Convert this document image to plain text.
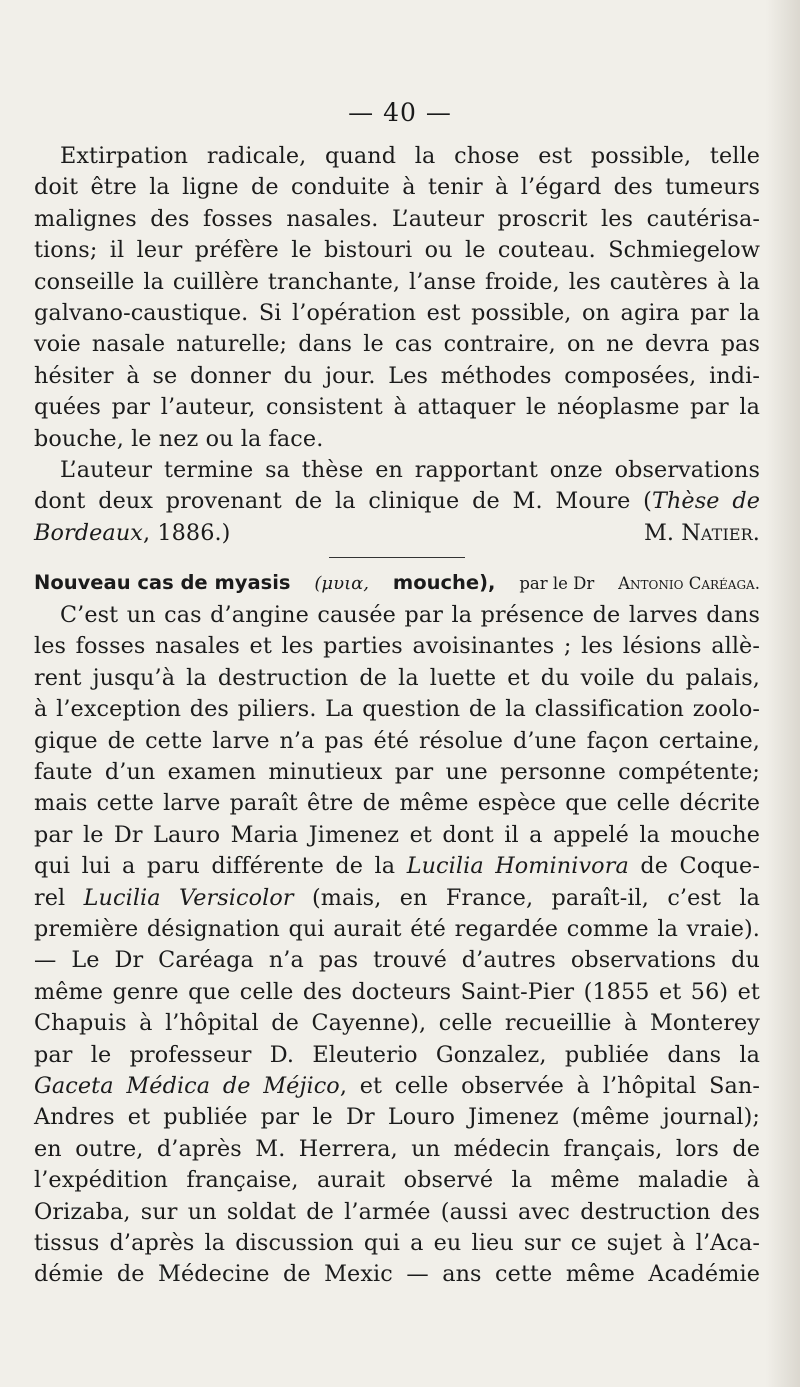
— 40 —
Extirpation radicale, quand la chose est possible, telle
doit être la ligne de conduite à tenir à l’égard des tumeurs
malignes des fosses nasales. L’auteur proscrit les cautérisa-
tions; il leur préfère le bistouri ou le couteau. Schmiegelow
conseille la cuillère tranchante, l’anse froide, les cautères à la
galvano-caustique. Si l’opération est possible, on agira par la
voie nasale naturelle; dans le cas contraire, on ne devra pas
hésiter à se donner du jour. Les méthodes composées, indi-
quées par l’auteur, consistent à attaquer le néoplasme par la
bouche, le nez ou la face.
L’auteur termine sa thèse en rapportant onze observations
dont deux provenant de la clinique de M. Moure (Thèse de
Bordeaux, 1886.)	M. Natier.
Nouveau cas de myasis (μυια, mouche), par le Dr Antonio Caréaga.
C’est un cas d’angine causée par la présence de larves dans
les fosses nasales et les parties avoisinantes ; les lésions allè-
rent jusqu’à la destruction de la luette et du voile du palais,
à l’exception des piliers. La question de la classification zoolo-
gique de cette larve n’a pas été résolue d’une façon certaine,
faute d’un examen minutieux par une personne compétente;
mais cette larve paraît être de même espèce que celle décrite
par le Dr Lauro Maria Jimenez et dont il a appelé la mouche
qui lui a paru différente de la Lucilia Hominivora de Coque-
rel Lucilia Versicolor (mais, en France, paraît-il, c’est la
première désignation qui aurait été regardée comme la vraie).
— Le Dr Caréaga n’a pas trouvé d’autres observations du
même genre que celle des docteurs Saint-Pier (1855 et 56) et
Chapuis à l’hôpital de Cayenne), celle recueillie à Monterey
par le professeur D. Eleuterio Gonzalez, publiée dans la
Gaceta Médica de Méjico, et celle observée à l’hôpital San-
Andres et publiée par le Dr Louro Jimenez (même journal);
en outre, d’après M. Herrera, un médecin français, lors de
l’expédition française, aurait observé la même maladie à
Orizaba, sur un soldat de l’armée (aussi avec destruction des
tissus d’après la discussion qui a eu lieu sur ce sujet à l’Aca-
démie de Médecine de Mexic — ans cette même Académie
